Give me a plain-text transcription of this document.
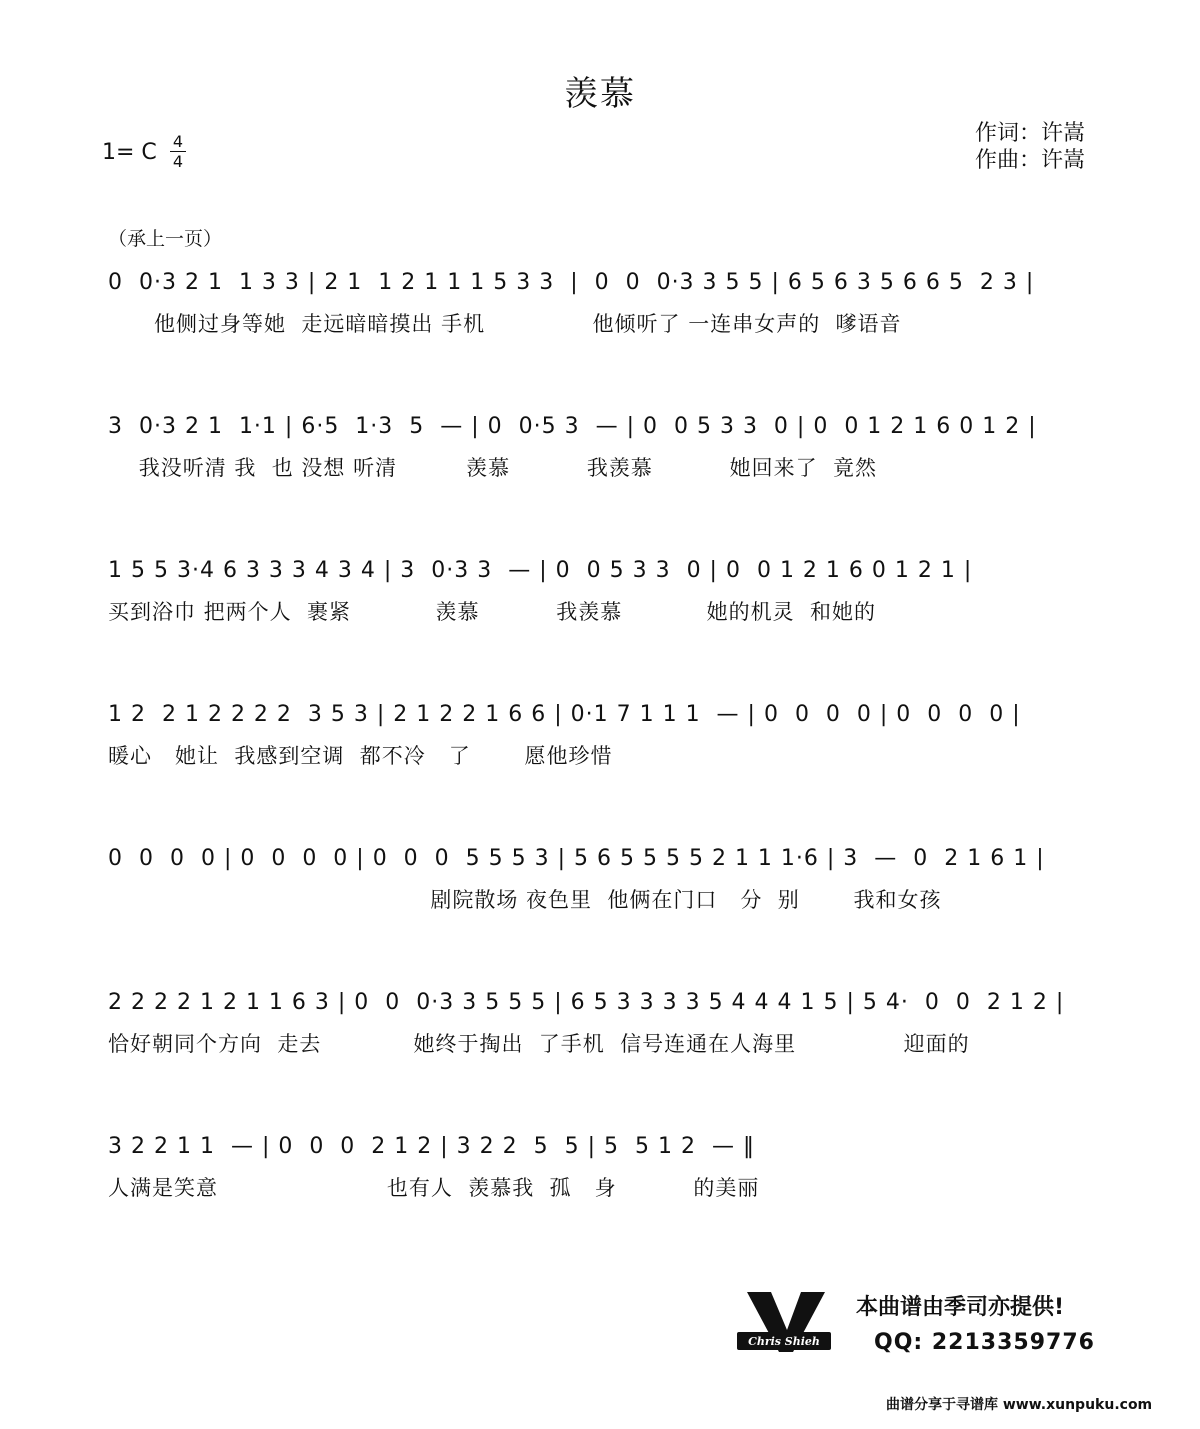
羡慕
1= C 4
4
作词：许嵩
作曲：许嵩
（承上一页）
0  0·3 2 1  1 3 3 | 2 1  1 2 1 1 1 5 3 3  |  0  0  0·3 3 5 5 | 6 5 6 3 5 6 6 5  2 3 |
他侧过身等她  走远暗暗摸出 手机              他倾听了 一连串女声的  嗲语音
3  0·3 2 1  1·1 | 6·5  1·3  5  — | 0  0·5 3  — | 0  0 5 3 3  0 | 0  0 1 2 1 6 0 1 2 |
我没听清 我  也 没想 听清         羡慕          我羡慕          她回来了  竟然
1 5 5 3·4 6 3 3 3 4 3 4 | 3  0·3 3  — | 0  0 5 3 3  0 | 0  0 1 2 1 6 0 1 2 1 |
买到浴巾 把两个人  裹紧           羡慕          我羡慕           她的机灵  和她的
1 2  2 1 2 2 2 2  3 5 3 | 2 1 2 2 1 6 6 | 0·1 7 1 1 1  — | 0  0  0  0 | 0  0  0  0 |
暖心   她让  我感到空调  都不冷   了       愿他珍惜
0  0  0  0 | 0  0  0  0 | 0  0  0  5 5 5 3 | 5 6 5 5 5 5 2 1 1 1·6 | 3  —  0  2 1 6 1 |
剧院散场 夜色里  他俩在门口   分  别       我和女孩
2 2 2 2 1 2 1 1 6 3 | 0  0  0·3 3 5 5 5 | 6 5 3 3 3 3 5 4 4 4 1 5 | 5 4·  0  0  2 1 2 |
恰好朝同个方向  走去            她终于掏出  了手机  信号连通在人海里              迎面的
3 2 2 1 1  — | 0  0  0  2 1 2 | 3 2 2  5  5 | 5  5 1 2  — ‖
人满是笑意                      也有人  羡慕我  孤   身          的美丽
Chris Shieh
本曲谱由季司亦提供!
QQ: 2213359776
曲谱分享于寻谱库 www.xunpuku.com
